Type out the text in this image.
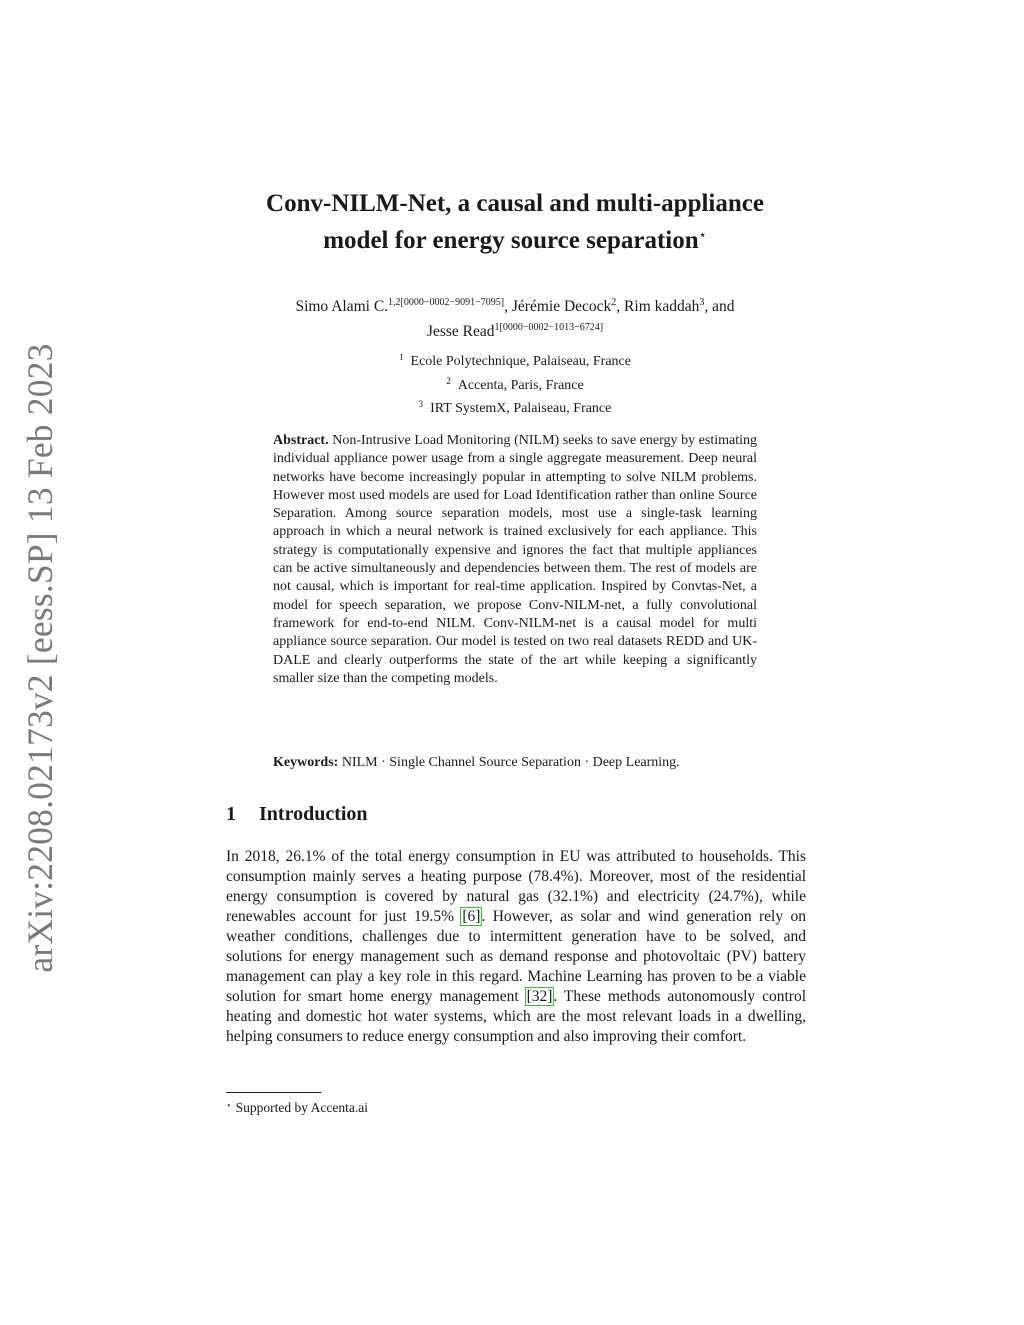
arXiv:2208.02173v2 [eess.SP] 13 Feb 2023
Conv-NILM-Net, a causal and multi-appliance
model for energy source separation⋆
Simo Alami C.$^{1,2[0000-0002-9091-7095]}$, Jérémie Decock$^2$, Rim kaddah$^3$, and
Jesse Read$^{1[0000-0002-1013-6724]}$
$^1$ Ecole Polytechnique, Palaiseau, France
$^2$ Accenta, Paris, France
$^3$ IRT SystemX, Palaiseau, France
Abstract. Non-Intrusive Load Monitoring (NILM) seeks to save energy by estimating individual appliance power usage from a single aggregate measurement. Deep neural networks have become increasingly popular in attempting to solve NILM problems. However most used models are used for Load Identification rather than online Source Separation. Among source separation models, most use a single-task learning approach in which a neural network is trained exclusively for each appliance. This strategy is computationally expensive and ignores the fact that multiple appliances can be active simultaneously and dependencies between them. The rest of models are not causal, which is important for real-time application. Inspired by Convtas-Net, a model for speech separation, we propose Conv-NILM-net, a fully convolutional framework for end-to-end NILM. Conv-NILM-net is a causal model for multi appliance source separation. Our model is tested on two real datasets REDD and UK-DALE and clearly outperforms the state of the art while keeping a significantly smaller size than the competing models.
Keywords: NILM · Single Channel Source Separation · Deep Learning.
1 Introduction
In 2018, 26.1% of the total energy consumption in EU was attributed to households. This consumption mainly serves a heating purpose (78.4%). Moreover, most of the residential energy consumption is covered by natural gas (32.1%) and electricity (24.7%), while renewables account for just 19.5% [6]. However, as solar and wind generation rely on weather conditions, challenges due to intermittent generation have to be solved, and solutions for energy management such as demand response and photovoltaic (PV) battery management can play a key role in this regard. Machine Learning has proven to be a viable solution for smart home energy management [32]. These methods autonomously control heating and domestic hot water systems, which are the most relevant loads in a dwelling, helping consumers to reduce energy consumption and also improving their comfort.
⋆ Supported by Accenta.ai
